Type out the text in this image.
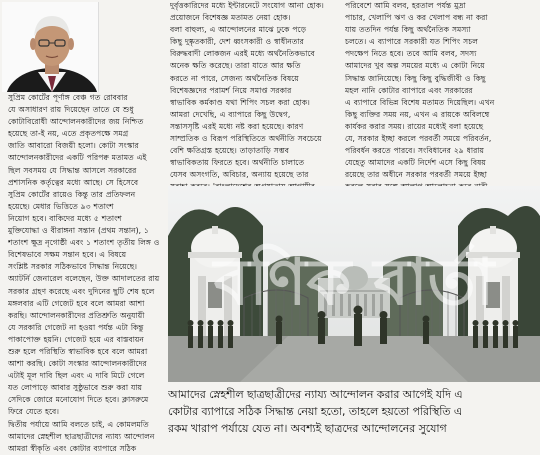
সুপ্রিম কোর্টের পূর্ণাঙ্গ বেঞ্চ গত রোববার
যে অসাধারণ রায় দিয়েছেন তাতে যে শুধু
কোটাবিরোধী আন্দোলনকারীদের জয় নিশ্চিত
হয়েছে তা-ই নয়, এতে প্রকৃতপক্ষে সমগ্র
জাতি আবারো বিজয়ী হলো। কোটা সংস্কার
আন্দোলনকারীদের একটি পরিপক্ব মতামত এই
ছিল সবসময় যে সিদ্ধান্ত আসলে সরকারের
প্রশাসনিক কর্তৃত্বের মধ্যে আছে। সে হিসেবে
সুপ্রিম কোর্টের রায়েও কিন্তু তার প্রতিফলন
হয়েছে। মেধার ভিত্তিতে ৯৩ শতাংশ
নিয়োগ হবে। বাকিদের মধ্যে ৫ শতাংশ
মুক্তিযোদ্ধা ও বীরাঙ্গনা সন্তান (প্রথম সন্তান), ১
শতাংশ ক্ষুদ্র নৃগোষ্ঠী এবং ১ শতাংশ তৃতীয় লিঙ্গ ও
বিশেষভাবে সক্ষম সন্তান হবে। এ বিষয়ে
সংশ্লিষ্ট সরকার সঠিকভাবে সিদ্ধান্ত নিয়েছে।
অ্যাটর্নি জেনারেল বলেছেন, উক্ত আদালতের রায়
সরকার গ্রহণ করেছে এবং দুদিনের ছুটি শেষ হলে
মঙ্গলবার এটি গেজেট হবে বলে আমরা আশা
করছি। আন্দোলনকারীদের প্রতিশ্রুতি অনুযায়ী
যে সরকারি গেজেট না হওয়া পর্যন্ত এটা কিন্তু
পাকাপোক্ত হয়নি। গেজেট হয়ে এর বাস্তবায়ন
শুরু হলে পরিস্থিতি স্বাভাবিক হবে বলে আমরা
আশা করছি। কোটা সংস্কার আন্দোলনকারীদের
এটাই মূল দাবি ছিল এবং এ দাবি মিটে গেলে
যত লোপাড়ে আবার সুষ্ঠুভাবে শুরু করা যায়
সেদিকে জোরে মনোযোগ দিতে হবে। ক্লাসরুমে
ফিরে যেতে হবে।
দ্বিতীয় পর্যায়ে আমি বলতে চাই, এ কোমলমতি
আমাদের স্নেহশীল ছাত্রছাত্রীদের ন্যায্য আন্দোলন
আমরা স্বীকৃতি এবং কোটার ব্যাপারে সঠিক
দুর্বৃত্তকারিদের মধ্যে ইন্টারনেটে সংযোগ আনা হোক।
প্রয়োজনে বিশেষজ্ঞ মতামত নেয়া হোক।
বলা বাহুল্য, এ আন্দোলনের মাঝে ঢুকে পড়ে
কিছু দুষ্কৃতকারী, দেশ ধ্বংসকারী ও স্বাধীনতার
বিরুদ্ধবাদী লোকজন এরই মধ্যে অর্থনৈতিকভাবে
অনেক ক্ষতি করেছে। তারা যাতে আর ক্ষতি
করতে না পারে, সেজন্য অর্থনৈতিক বিষয়ে
বিশেষজ্ঞদের পরামর্শ নিয়ে সমাপ্ত সরকার
স্বাভাবিক কর্মকাণ্ড যথা শিপিং সচল করা হোক।
আমরা দেখেছি, এ ব্যাপারে কিছু উদ্বেগ,
সন্তাসসৃষ্টি এরই মধ্যে নষ্ট করা হয়েছে। কারণ
সাম্প্রতিক ও বিরূপ পরিস্থিতিতে অর্থনীতি সবচেয়ে
বেশি ক্ষতিগ্রস্ত হয়েছে। তাড়াতাড়ি সম্ভব
স্বাভাবিকতায় ফিরতে হবে। অর্থনীতি চালাতে
যেসব অসংগতি, অবিচার, অন্যায় হয়েছে তার
পরিবেশে আমি বলব, হরতাল পর্যন্ত মুদ্রা
পাচার, খেলাপি ঋণ ও কর খেলাপ বন্ধ না করা
যায় ততদিন পর্যন্ত কিছু অর্থনৈতিক সমস্যা
চলতে। এ ব্যাপারে সরকারী যত শিপিং সচল
পদক্ষেপ নিতে হবে। তবে আমি বলব, সদস্য
আমাদের খুব অল্প সময়ের মধ্যে এ কোটা নিয়ে
সিদ্ধান্ত জানিয়েছে। কিছু কিছু বুদ্ধিজীবী ও কিছু
মহল নানি কোটার ব্যাপারে এবং সরকারের
এ ব্যাপারে বিভিন্ন বিশেষ মতামত দিয়েছিল। এখন
কিছু ব্যক্তির সময় নয়, এখন এ রায়কে অবিলম্বে
কার্যকর করার সময়। রায়ের মধ্যেই বলা হয়েছে
যে, সরকার ইচ্ছা করলে পরবর্তী সময়ে পরিবর্তন,
পরিবর্ধন করতে পারবে। সংবিধানের ২৯ ধারায়
যেহেতু আমাদের একটি নির্দেশ এসে কিছু বিষয়
রয়েছে তার অধীনে সরকার পরবর্তী সময়ে ইচ্ছা
বণিক বার্তা
আমাদের স্নেহশীল ছাত্রছাত্রীদের ন্যায্য আন্দোলন করার আগেই যদি এ
কোটার ব্যাপারে সঠিক সিদ্ধান্ত নেয়া হতো, তাহলে হয়তো পরিস্থিতি এ
রকম খারাপ পর্যায়ে যেত না। অবশ্যই ছাত্রদের আন্দোলনের সুযোগ
